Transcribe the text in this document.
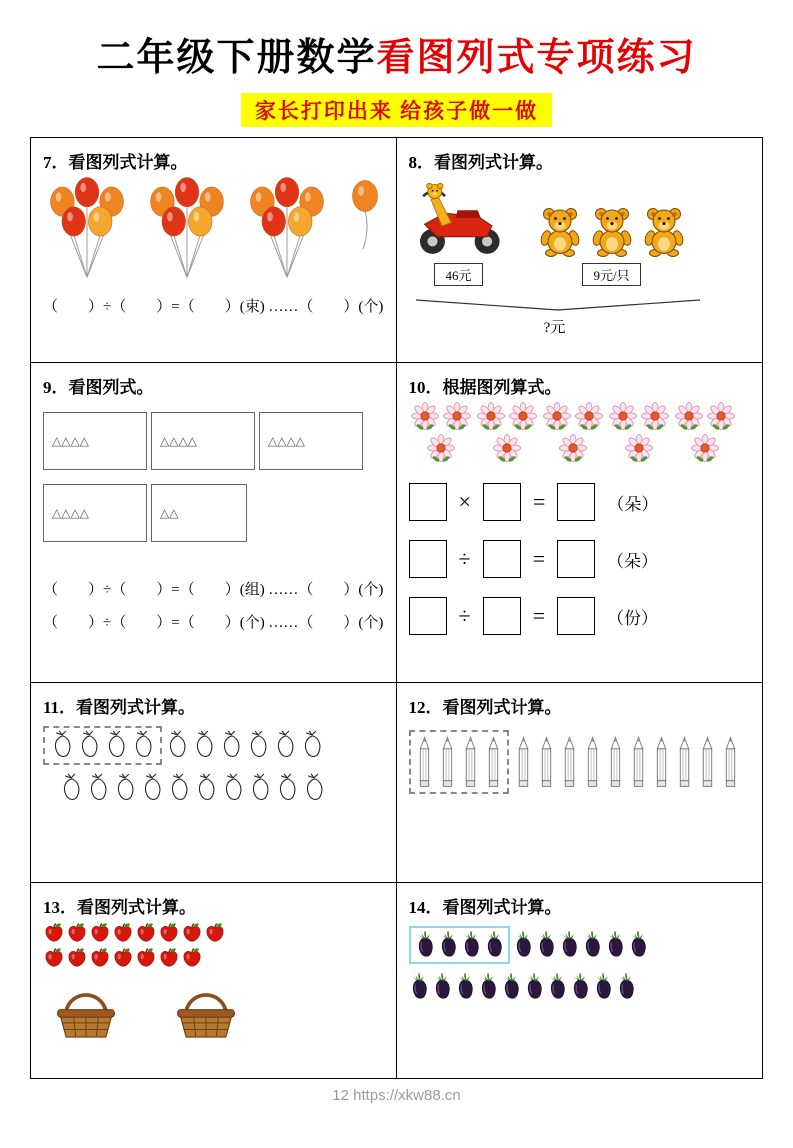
二年级下册数学看图列式专项练习
家长打印出来 给孩子做一做
7．看图列式计算。
（　　）÷（　　）=（　　）(束) ……（　　）(个)
8．看图列式计算。
46元	9元/只
?元
9．看图列式。
△△△△	△△△△	△△△△
△△△△	△△
（　　）÷（　　）=（　　）(组) ……（　　）(个)
（　　）÷（　　）=（　　）(个) ……（　　）(个)
10．根据图列算式。
×	=	（朵）
÷	=	（朵）
÷	=	（份）
11．看图列式计算。	12．看图列式计算。
13．看图列式计算。	14．看图列式计算。
12 https://xkw88.cn
